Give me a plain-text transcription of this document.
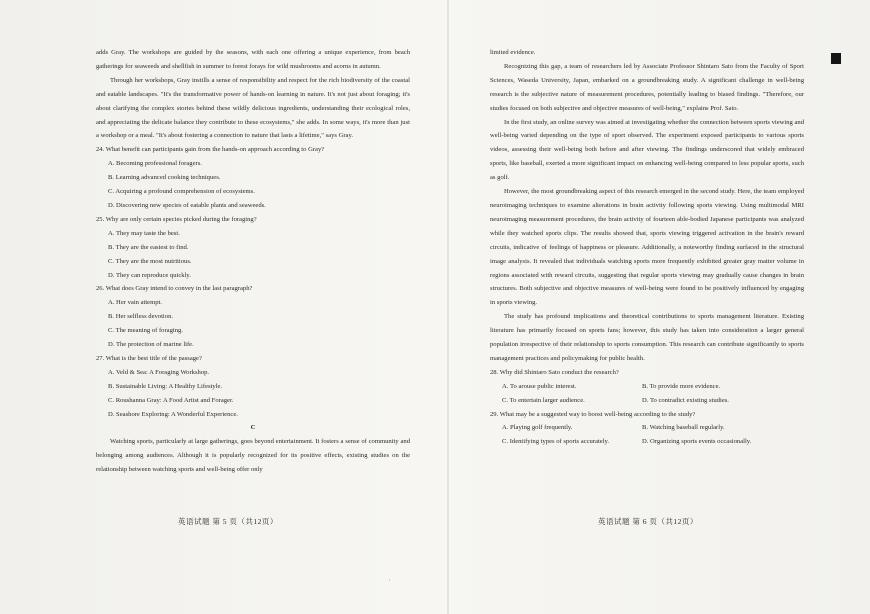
ʿ

adds Gray. The workshops are guided by the seasons, with each one offering a unique experience, from beach gatherings for seaweeds and shellfish in summer to forest forays for wild mushrooms and acorns in autumn.

Through her workshops, Gray instills a sense of responsibility and respect for the rich biodiversity of the coastal and eatable landscapes. "It's the transformative power of hands-on learning in nature. It's not just about foraging; it's about clarifying the complex stories behind these wildly delicious ingredients, understanding their ecological roles, and appreciating the delicate balance they contribute to these ecosystems," she adds. In some ways, it's more than just a workshop or a meal. "It's about fostering a connection to nature that lasts a lifetime," says Gray.

24. What benefit can participants gain from the hands-on approach according to Gray?

A. Becoming professional foragers.

B. Learning advanced cooking techniques.

C. Acquiring a profound comprehension of ecosystems.

D. Discovering new species of eatable plants and seaweeds.

25. Why are only certain species picked during the foraging?

A. They may taste the best.

B. They are the easiest to find.

C. They are the most nutritious.

D. They can reproduce quickly.

26. What does Gray intend to convey in the last paragraph?

A. Her vain attempt.

B. Her selfless devotion.

C. The meaning of foraging.

D. The protection of marine life.

27. What is the best title of the passage?

A. Veld & Sea: A Foraging Workshop.

B. Sustainable Living: A Healthy Lifestyle.

C. Roushanna Gray: A Food Artist and Forager.

D. Seashore Exploring: A Wonderful Experience.

C

Watching sports, particularly at large gatherings, goes beyond entertainment. It fosters a sense of community and belonging among audiences. Although it is popularly recognized for its positive effects, existing studies on the relationship between watching sports and well-being offer only

英语试题 第 5 页（共12页）

limited evidence.

Recognizing this gap, a team of researchers led by Associate Professor Shintaro Sato from the Faculty of Sport Sciences, Waseda University, Japan, embarked on a groundbreaking study. A significant challenge in well-being research is the subjective nature of measurement procedures, potentially leading to biased findings. "Therefore, our studies focused on both subjective and objective measures of well-being," explains Prof. Sato.

In the first study, an online survey was aimed at investigating whether the connection between sports viewing and well-being varied depending on the type of sport observed. The experiment exposed participants to various sports videos, assessing their well-being both before and after viewing. The findings underscored that widely embraced sports, like baseball, exerted a more significant impact on enhancing well-being compared to less popular sports, such as golf.

However, the most groundbreaking aspect of this research emerged in the second study. Here, the team employed neuroimaging techniques to examine alterations in brain activity following sports viewing. Using multimodal MRI neuroimaging measurement procedures, the brain activity of fourteen able-bodied Japanese participants was analyzed while they watched sports clips. The results showed that, sports viewing triggered activation in the brain's reward circuits, indicative of feelings of happiness or pleasure. Additionally, a noteworthy finding surfaced in the structural image analysis. It revealed that individuals watching sports more frequently exhibited greater gray matter volume in regions associated with reward circuits, suggesting that regular sports viewing may gradually cause changes in brain structures. Both subjective and objective measures of well-being were found to be positively influenced by engaging in sports viewing.

The study has profound implications and theoretical contributions to sports management literature. Existing literature has primarily focused on sports fans; however, this study has taken into consideration a larger general population irrespective of their relationship to sports consumption. This research can contribute significantly to sports management practices and policymaking for public health.

28. Why did Shintaro Sato conduct the research?

A. To arouse public interest.	B. To provide more evidence.
C. To entertain larger audience.	D. To contradict existing studies.

29. What may be a suggested way to boost well-being according to the study?

A. Playing golf frequently.	B. Watching baseball regularly.
C. Identifying types of sports accurately.	D. Organizing sports events occasionally.
英语试题 第 6 页（共12页）
